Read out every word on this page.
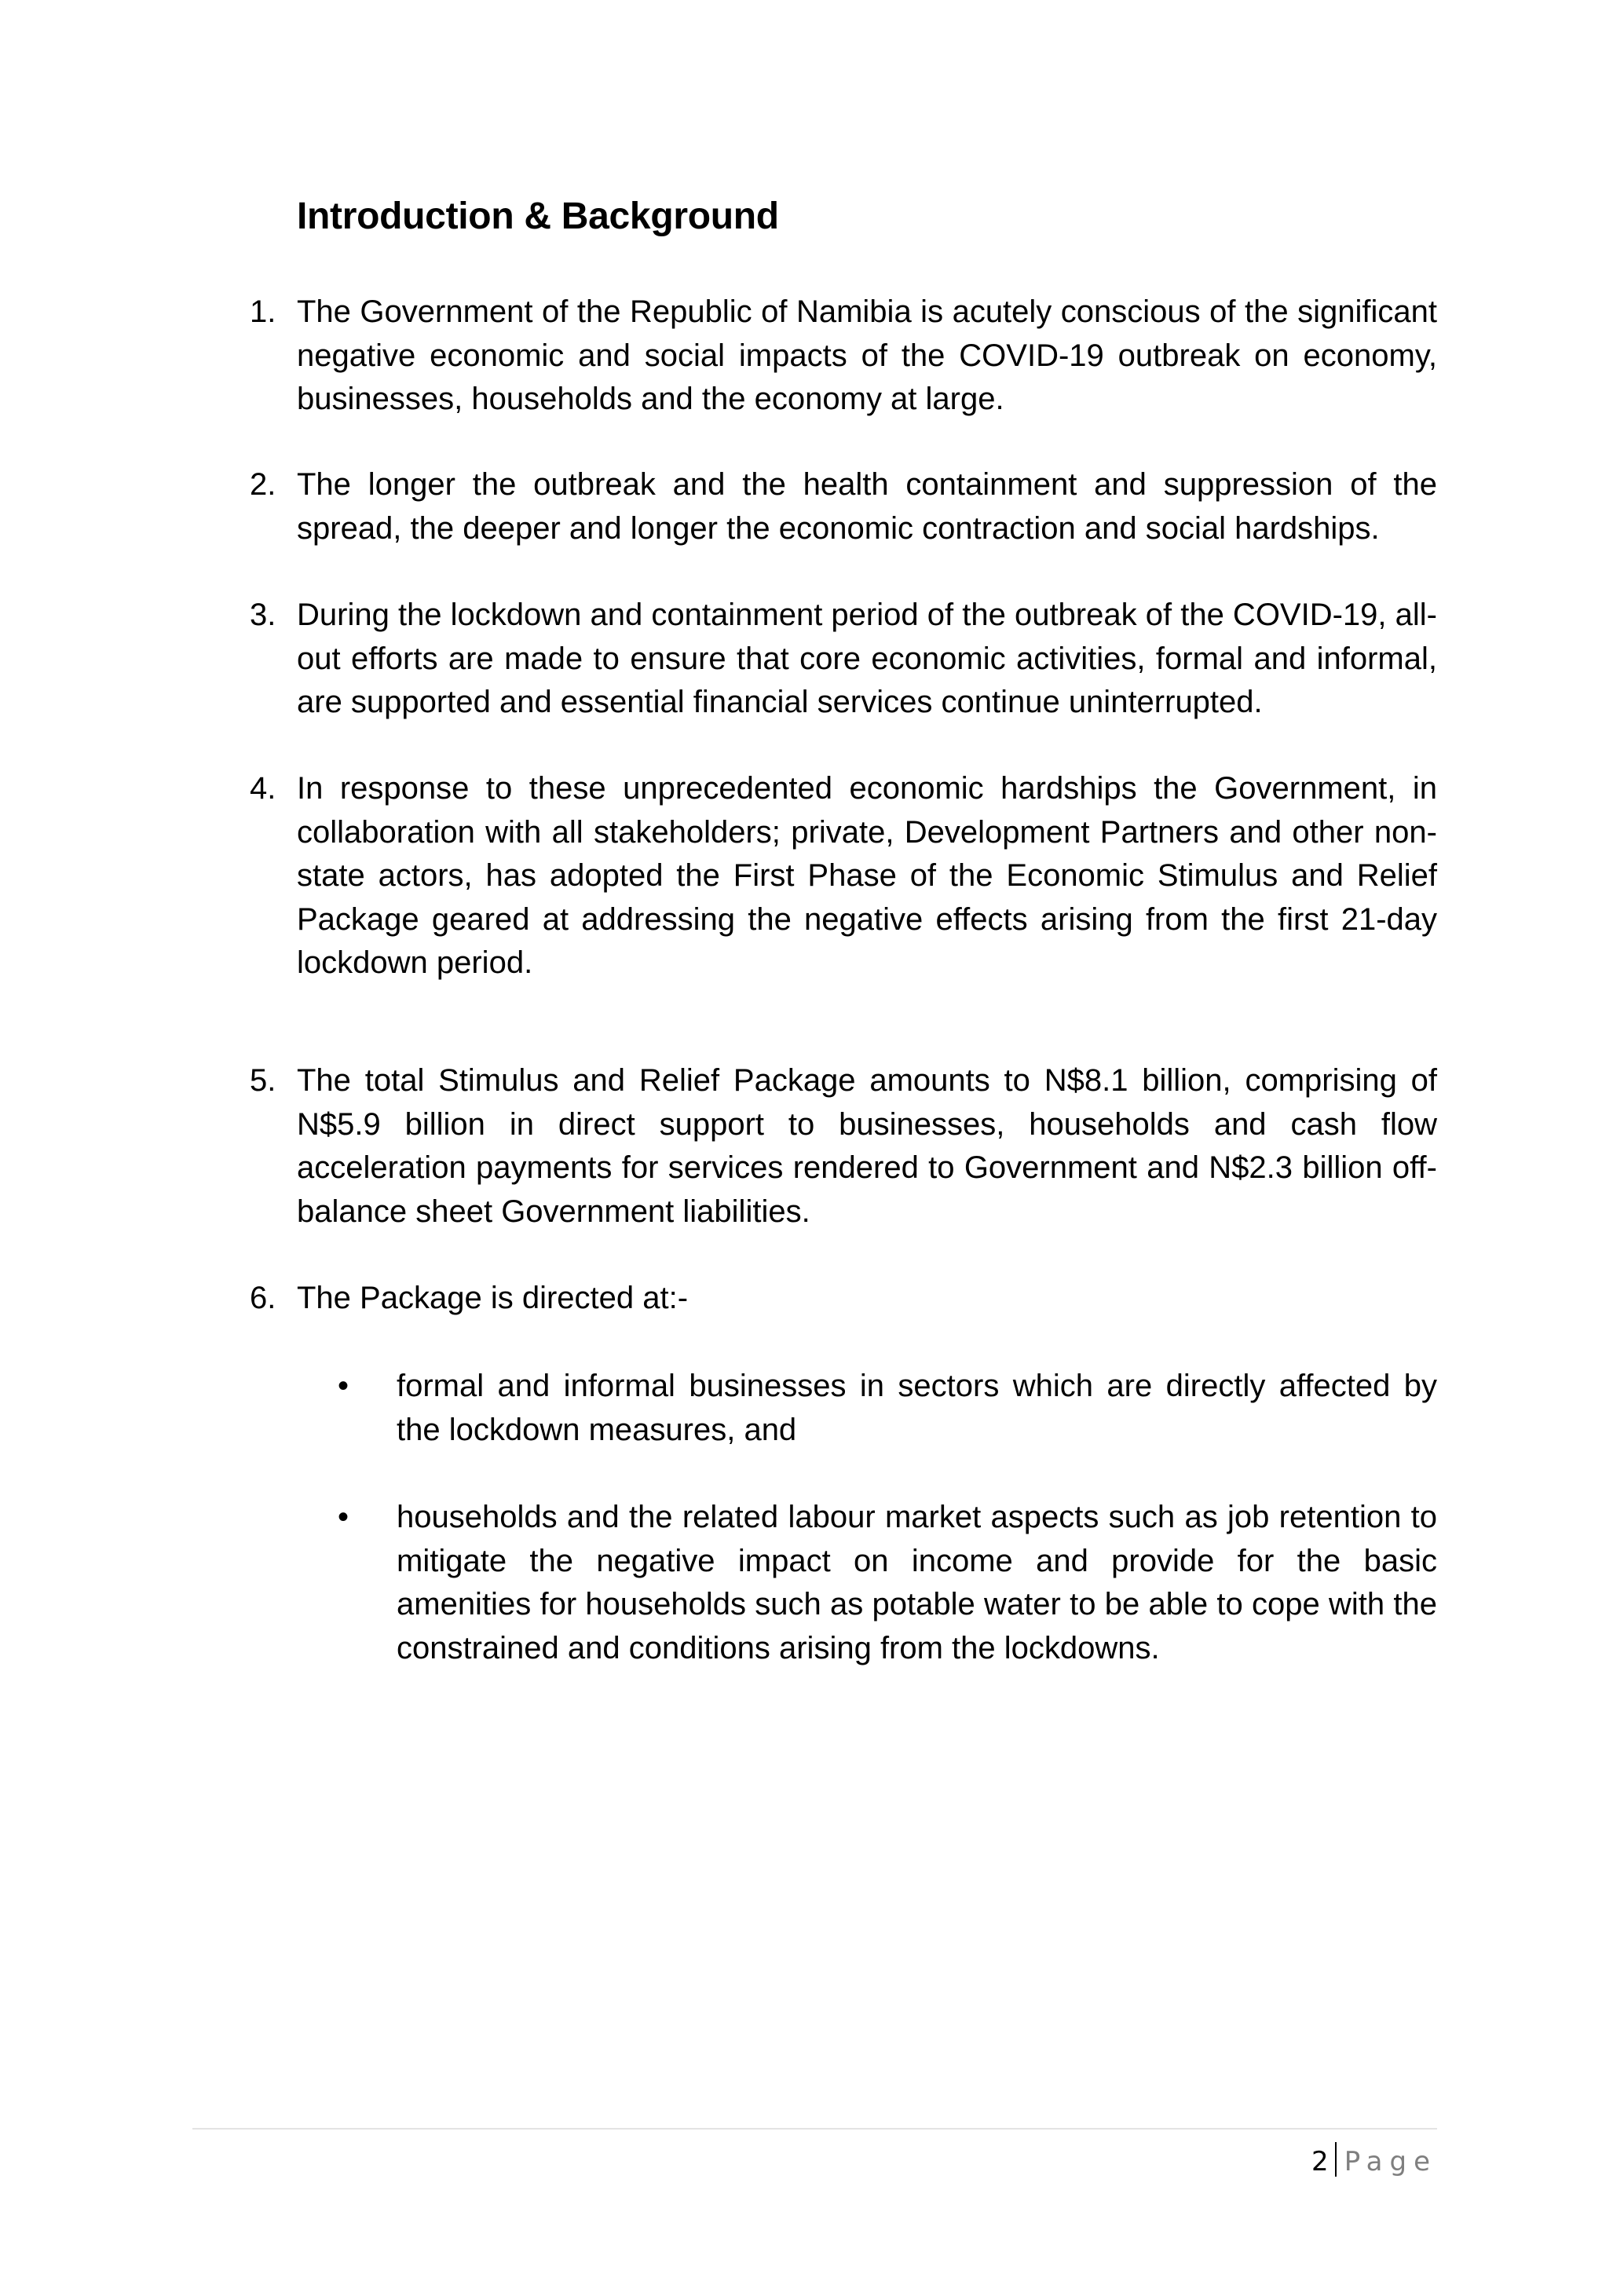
Introduction & Background
1. The Government of the Republic of Namibia is acutely conscious of the significant negative economic and social impacts of the COVID-19 outbreak on economy, businesses, households and the economy at large.
2. The longer the outbreak and the health containment and suppression of the spread, the deeper and longer the economic contraction and social hardships.
3. During the lockdown and containment period of the outbreak of the COVID-19, all-out efforts are made to ensure that core economic activities, formal and informal, are supported and essential financial services continue uninterrupted.
4. In response to these unprecedented economic hardships the Government, in collaboration with all stakeholders; private, Development Partners and other non-state actors, has adopted the First Phase of the Economic Stimulus and Relief Package geared at addressing the negative effects arising from the first 21-day lockdown period.
5. The total Stimulus and Relief Package amounts to N$8.1 billion, comprising of N$5.9 billion in direct support to businesses, households and cash flow acceleration payments for services rendered to Government and N$2.3 billion off-balance sheet Government liabilities.
6. The Package is directed at:-
• formal and informal businesses in sectors which are directly affected by the lockdown measures, and
• households and the related labour market aspects such as job retention to mitigate the negative impact on income and provide for the basic amenities for households such as potable water to be able to cope with the constrained and conditions arising from the lockdowns.
2 Page
